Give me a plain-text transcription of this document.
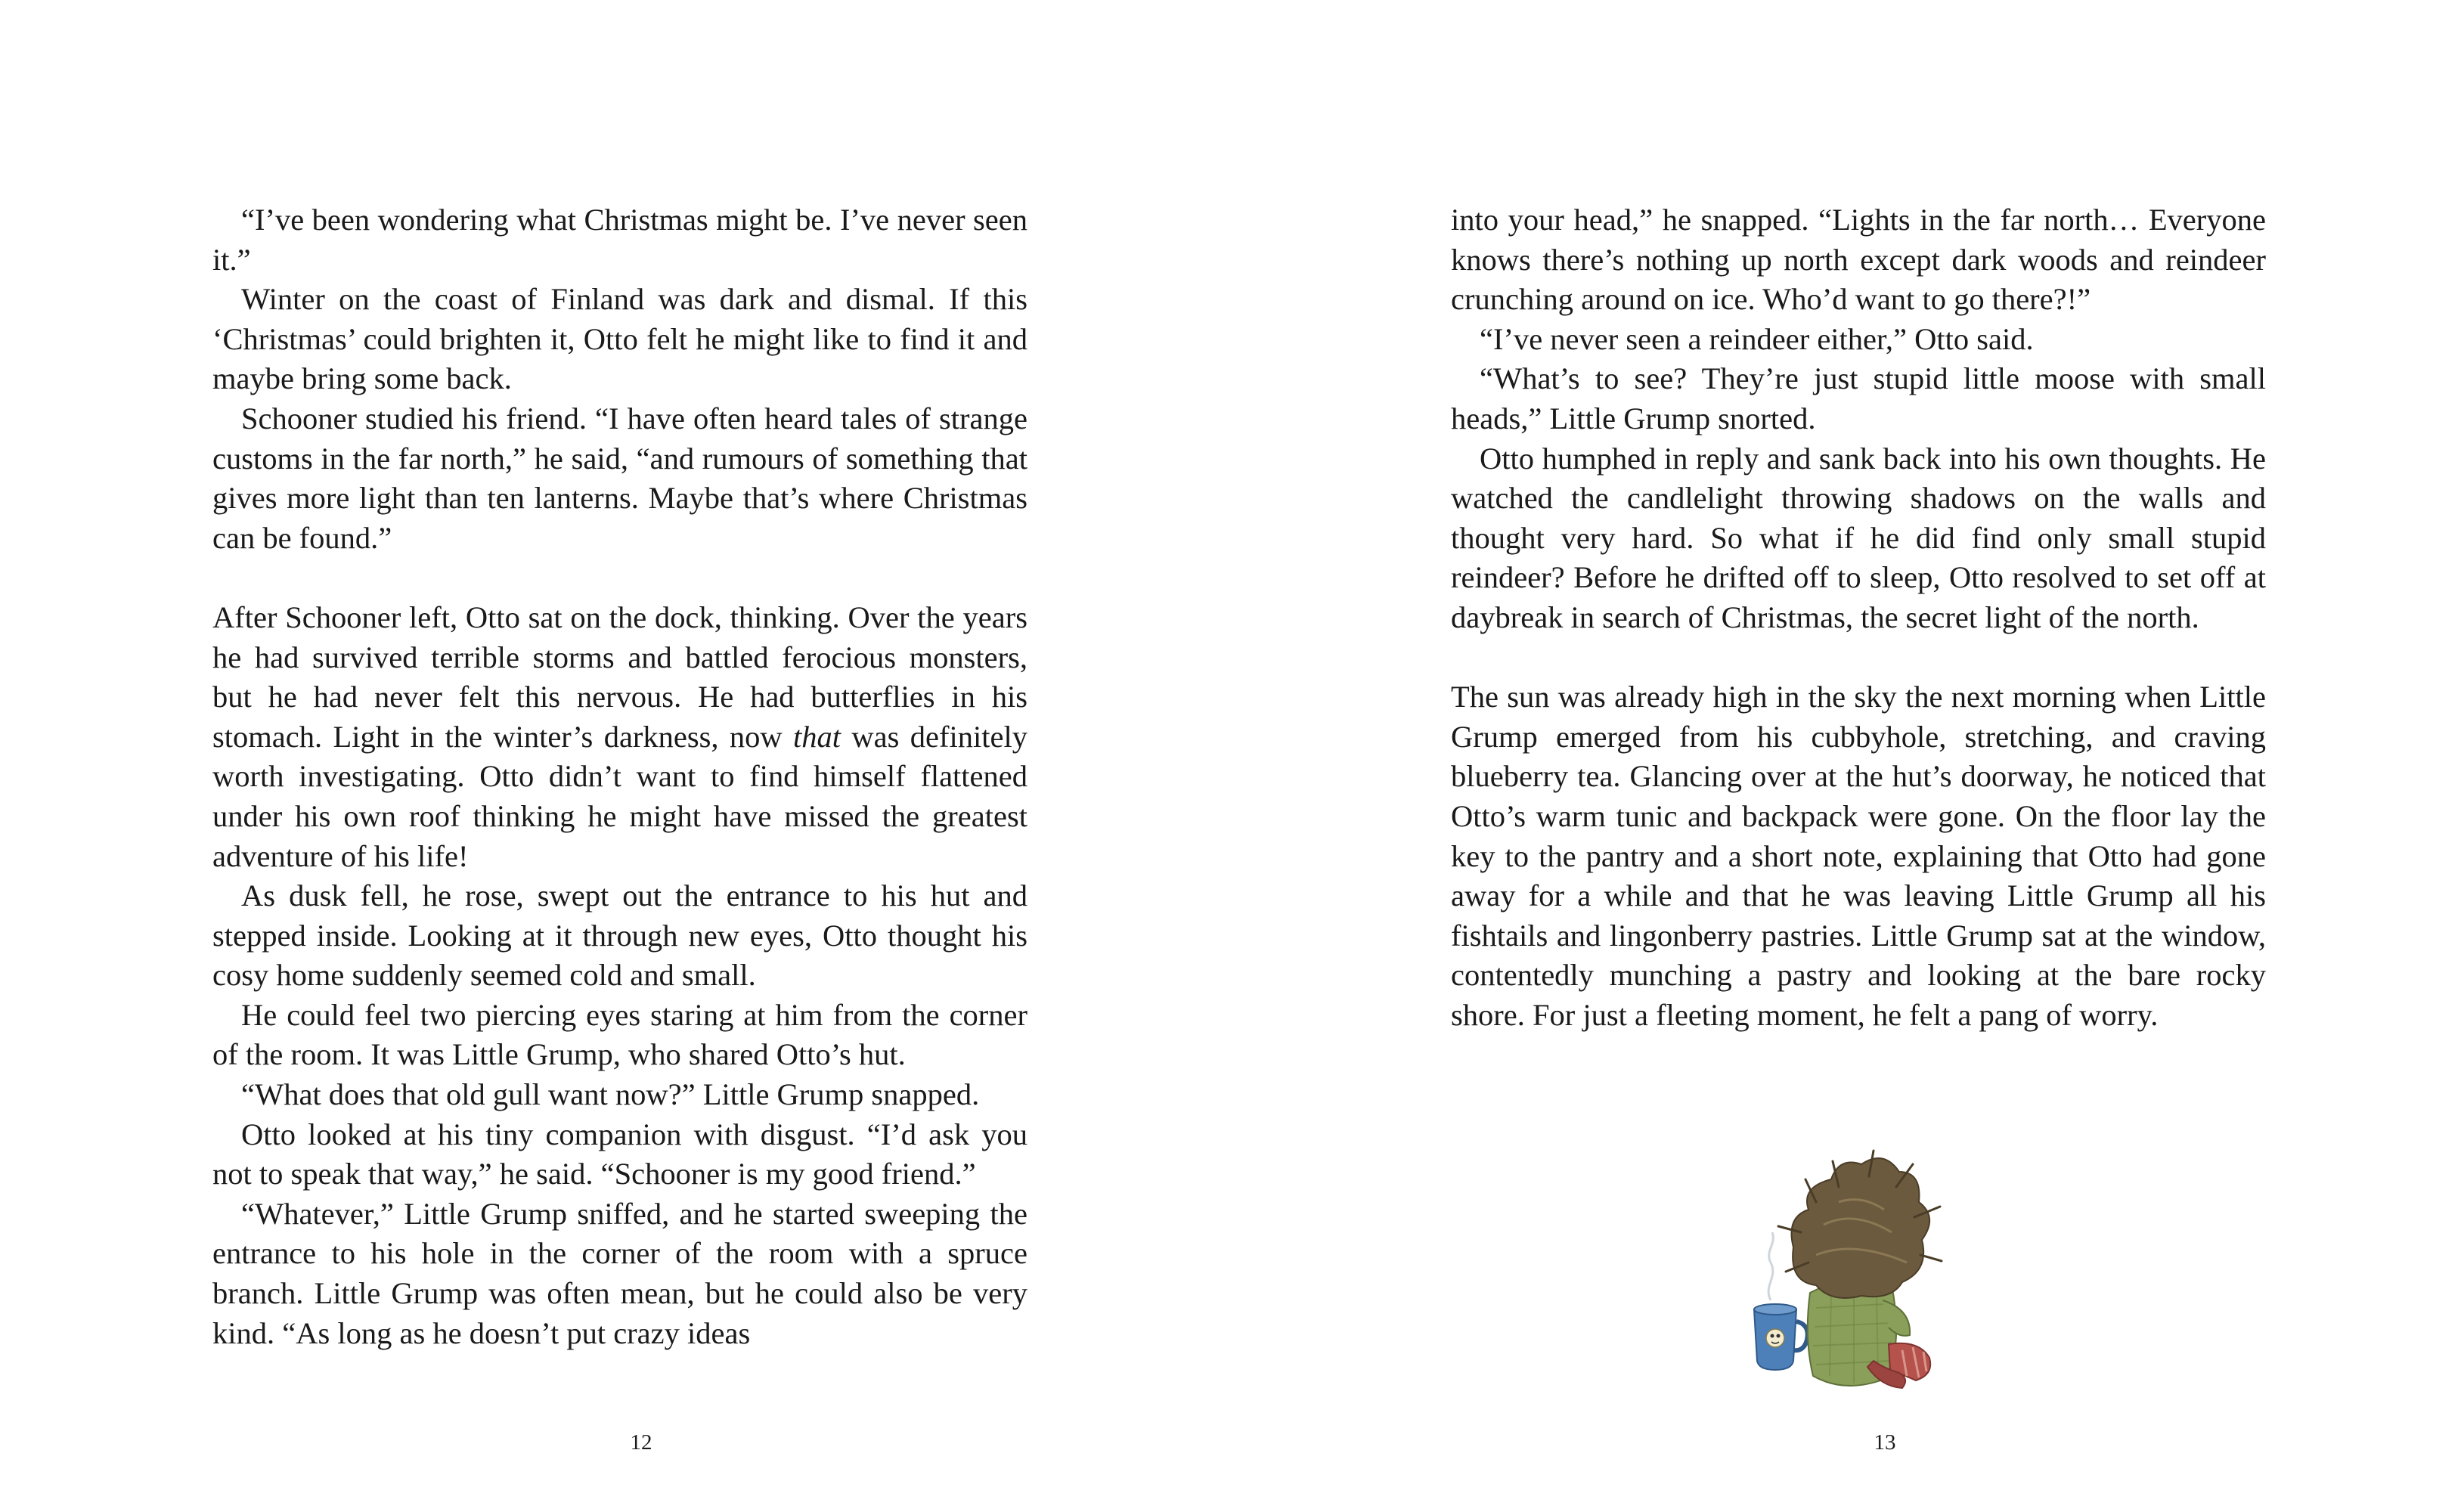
“I’ve been wondering what Christmas might be. I’ve never seen it.”

Winter on the coast of Finland was dark and dismal. If this ‘Christmas’ could brighten it, Otto felt he might like to find it and maybe bring some back.

Schooner studied his friend. “I have often heard tales of strange customs in the far north,” he said, “and rumours of something that gives more light than ten lanterns. Maybe that’s where Christmas can be found.”

After Schooner left, Otto sat on the dock, thinking. Over the years he had survived terrible storms and battled ferocious monsters, but he had never felt this nervous. He had butterflies in his stomach. Light in the winter’s darkness, now that was definitely worth investigating. Otto didn’t want to find himself flattened under his own roof thinking he might have missed the greatest adventure of his life!

As dusk fell, he rose, swept out the entrance to his hut and stepped inside. Looking at it through new eyes, Otto thought his cosy home suddenly seemed cold and small.

He could feel two piercing eyes staring at him from the corner of the room. It was Little Grump, who shared Otto’s hut.

“What does that old gull want now?” Little Grump snapped.

Otto looked at his tiny companion with disgust. “I’d ask you not to speak that way,” he said. “Schooner is my good friend.”

“Whatever,” Little Grump sniffed, and he started sweeping the entrance to his hole in the corner of the room with a spruce branch. Little Grump was often mean, but he could also be very kind. “As long as he doesn’t put crazy ideas

12

into your head,” he snapped. “Lights in the far north… Everyone knows there’s nothing up north except dark woods and reindeer crunching around on ice. Who’d want to go there?!”

“I’ve never seen a reindeer either,” Otto said.

“What’s to see? They’re just stupid little moose with small heads,” Little Grump snorted.

Otto humphed in reply and sank back into his own thoughts. He watched the candlelight throwing shadows on the walls and thought very hard. So what if he did find only small stupid reindeer? Before he drifted off to sleep, Otto resolved to set off at daybreak in search of Christmas, the secret light of the north.

The sun was already high in the sky the next morning when Little Grump emerged from his cubbyhole, stretching, and craving blueberry tea. Glancing over at the hut’s doorway, he noticed that Otto’s warm tunic and backpack were gone. On the floor lay the key to the pantry and a short note, explaining that Otto had gone away for a while and that he was leaving Little Grump all his fishtails and lingonberry pastries. Little Grump sat at the window, contentedly munching a pastry and looking at the bare rocky shore. For just a fleeting moment, he felt a pang of worry.

13
